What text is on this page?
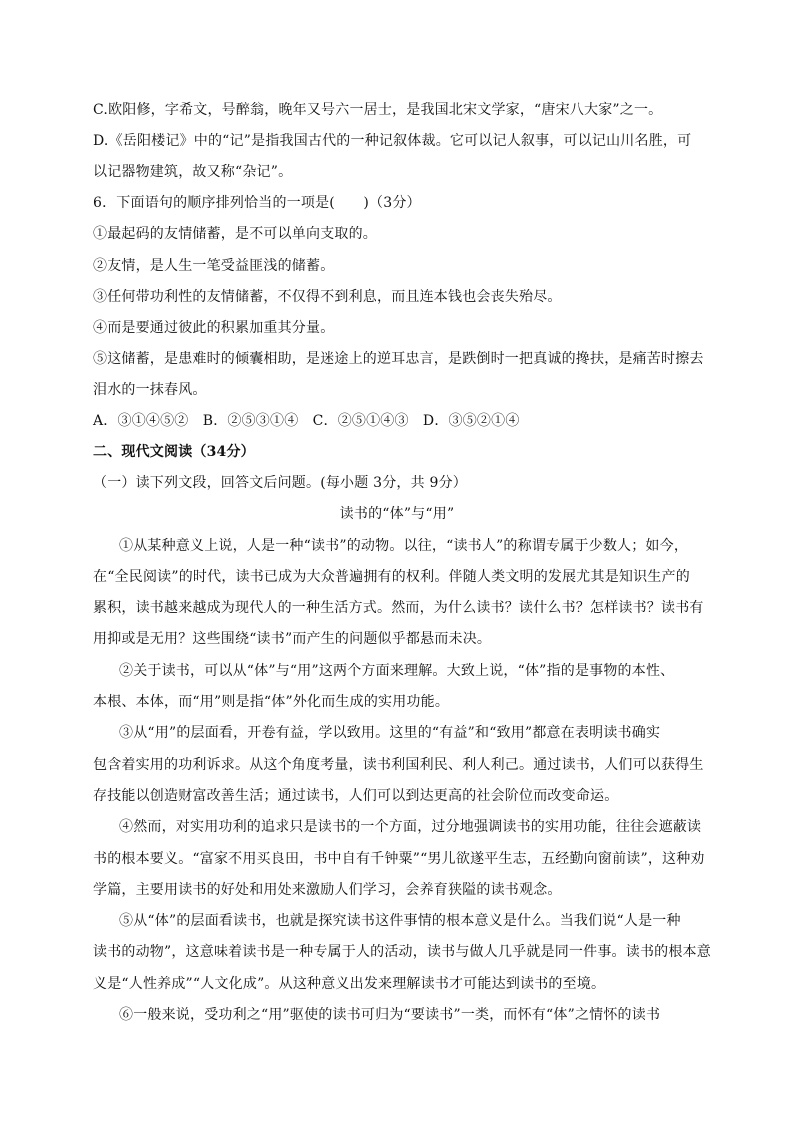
C.欧阳修，字希文，号醉翁，晚年又号六一居士，是我国北宋文学家，“唐宋八大家”之一。
D.《岳阳楼记》中的“记”是指我国古代的一种记叙体裁。它可以记人叙事，可以记山川名胜，可
以记器物建筑，故又称“杂记”。
6．下面语句的顺序排列恰当的一项是(　　)（3分）
①最起码的友情储蓄，是不可以单向支取的。
②友情，是人生一笔受益匪浅的储蓄。
③任何带功利性的友情储蓄，不仅得不到利息，而且连本钱也会丧失殆尽。
④而是要通过彼此的积累加重其分量。
⑤这储蓄，是患难时的倾囊相助，是迷途上的逆耳忠言，是跌倒时一把真诚的搀扶，是痛苦时擦去
泪水的一抹春风。
A．③①④⑤②　B．②⑤③①④　C．②⑤①④③　D．③⑤②①④
二、现代文阅读（34分）
（一）读下列文段，回答文后问题。(每小题 3分，共 9分）
读书的“体”与“用”
①从某种意义上说，人是一种“读书”的动物。以往，“读书人”的称谓专属于少数人；如今，
在“全民阅读”的时代，读书已成为大众普遍拥有的权利。伴随人类文明的发展尤其是知识生产的
累积，读书越来越成为现代人的一种生活方式。然而，为什么读书？读什么书？怎样读书？读书有
用抑或是无用？这些围绕“读书”而产生的问题似乎都悬而未决。
②关于读书，可以从“体”与“用”这两个方面来理解。大致上说，“体”指的是事物的本性、
本根、本体，而“用”则是指“体”外化而生成的实用功能。
③从“用”的层面看，开卷有益，学以致用。这里的“有益”和“致用”都意在表明读书确实
包含着实用的功利诉求。从这个角度考量，读书利国利民、利人利己。通过读书，人们可以获得生
存技能以创造财富改善生活；通过读书，人们可以到达更高的社会阶位而改变命运。
④然而，对实用功利的追求只是读书的一个方面，过分地强调读书的实用功能，往往会遮蔽读
书的根本要义。“富家不用买良田，书中自有千钟粟”“男儿欲遂平生志，五经勤向窗前读”，这种劝
学篇，主要用读书的好处和用处来激励人们学习，会养育狭隘的读书观念。
⑤从“体”的层面看读书，也就是探究读书这件事情的根本意义是什么。当我们说“人是一种
读书的动物”，这意味着读书是一种专属于人的活动，读书与做人几乎就是同一件事。读书的根本意
义是“人性养成”“人文化成”。从这种意义出发来理解读书才可能达到读书的至境。
⑥一般来说，受功利之“用”驱使的读书可归为“要读书”一类，而怀有“体”之情怀的读书
